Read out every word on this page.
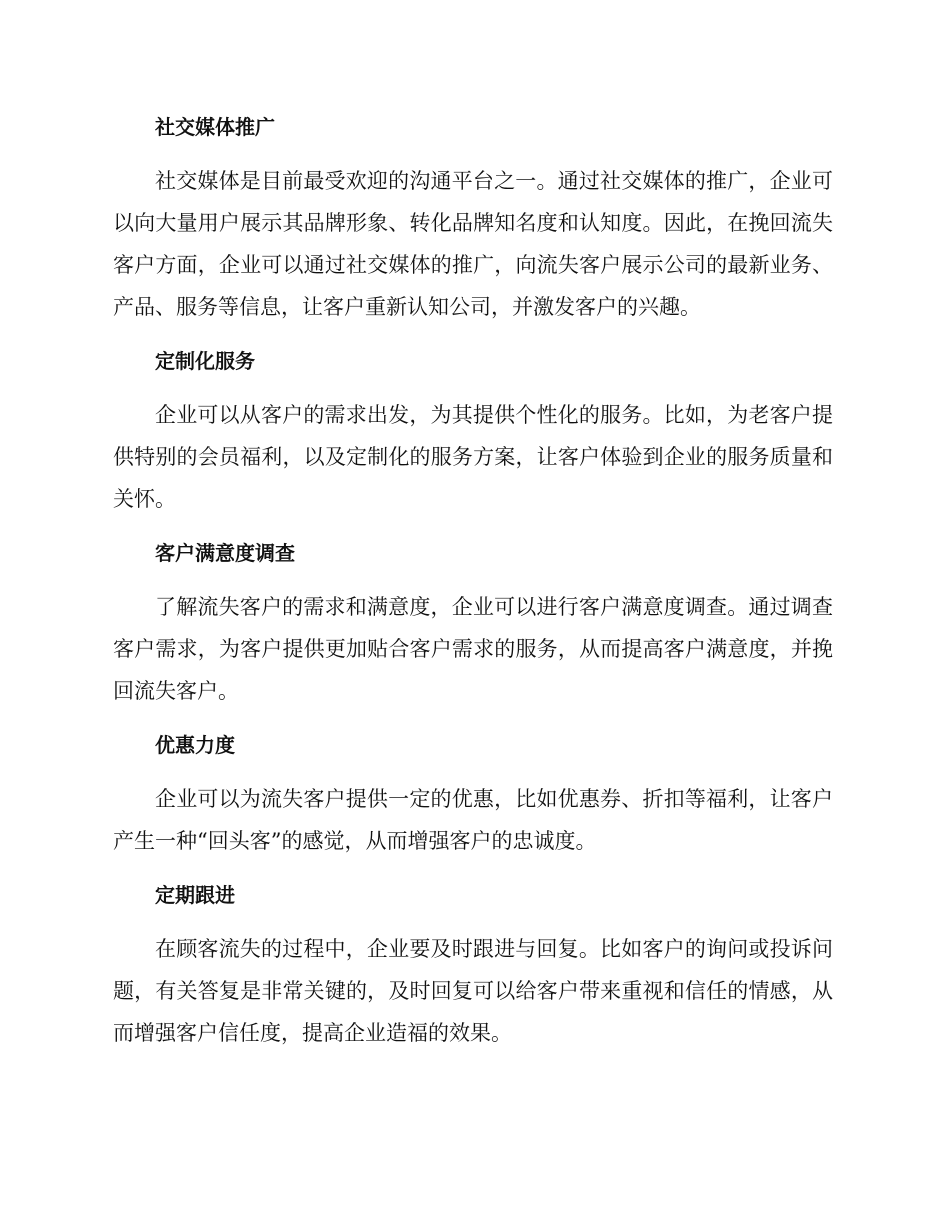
社交媒体推广

社交媒体是目前最受欢迎的沟通平台之一。通过社交媒体的推广，企业可以向大量用户展示其品牌形象、转化品牌知名度和认知度。因此，在挽回流失客户方面，企业可以通过社交媒体的推广，向流失客户展示公司的最新业务、产品、服务等信息，让客户重新认知公司，并激发客户的兴趣。

定制化服务

企业可以从客户的需求出发，为其提供个性化的服务。比如，为老客户提供特别的会员福利，以及定制化的服务方案，让客户体验到企业的服务质量和关怀。

客户满意度调查

了解流失客户的需求和满意度，企业可以进行客户满意度调查。通过调查客户需求，为客户提供更加贴合客户需求的服务，从而提高客户满意度，并挽回流失客户。

优惠力度

企业可以为流失客户提供一定的优惠，比如优惠券、折扣等福利，让客户产生一种“回头客”的感觉，从而增强客户的忠诚度。

定期跟进

在顾客流失的过程中，企业要及时跟进与回复。比如客户的询问或投诉问题，有关答复是非常关键的，及时回复可以给客户带来重视和信任的情感，从而增强客户信任度，提高企业造福的效果。
